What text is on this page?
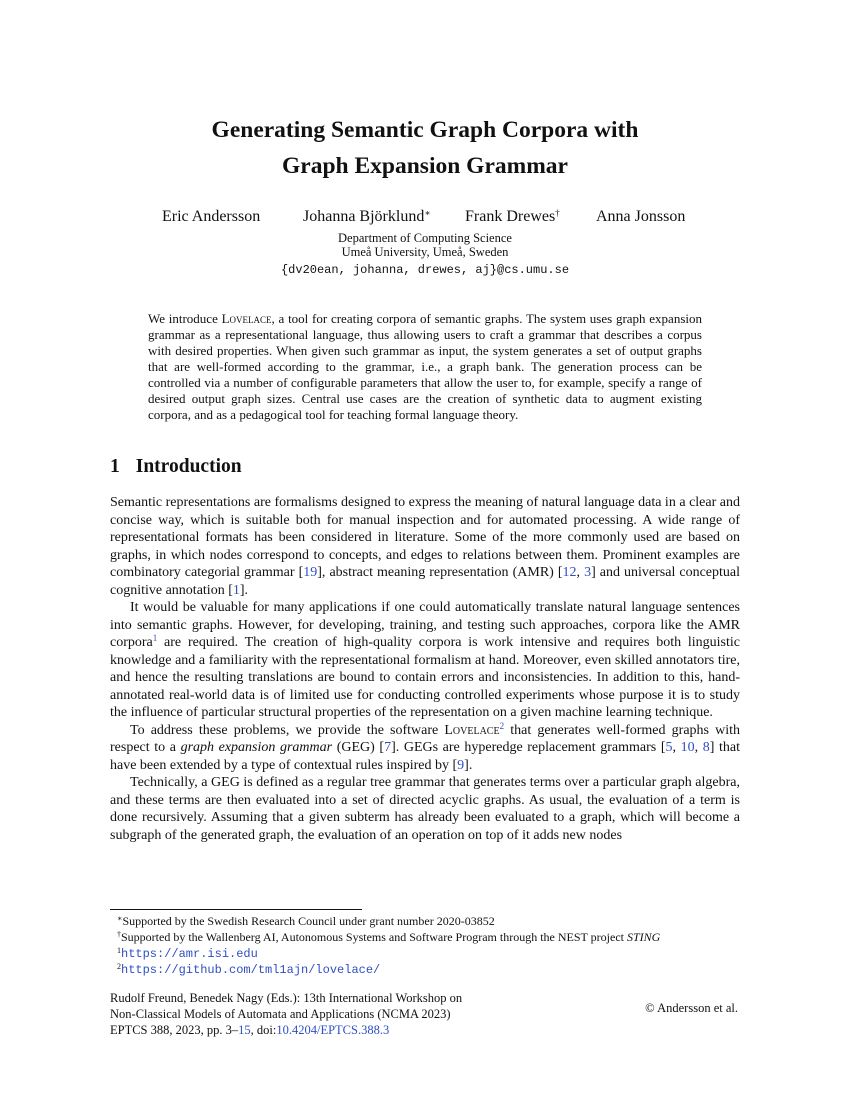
Generating Semantic Graph Corpora with
Graph Expansion Grammar
Eric Andersson	Johanna Björklund∗ Frank Drewes† Anna Jonsson
Department of Computing Science
Umeå University, Umeå, Sweden
{dv20ean, johanna, drewes, aj}@cs.umu.se
We introduce Lovelace, a tool for creating corpora of semantic graphs. The system uses graph expansion grammar as a representational language, thus allowing users to craft a grammar that describes a corpus with desired properties. When given such grammar as input, the system generates a set of output graphs that are well-formed according to the grammar, i.e., a graph bank. The generation process can be controlled via a number of configurable parameters that allow the user to, for example, specify a range of desired output graph sizes. Central use cases are the creation of synthetic data to augment existing corpora, and as a pedagogical tool for teaching formal language theory.
1 Introduction

Semantic representations are formalisms designed to express the meaning of natural language data in a clear and concise way, which is suitable both for manual inspection and for automated processing. A wide range of representational formats has been considered in literature. Some of the more commonly used are based on graphs, in which nodes correspond to concepts, and edges to relations between them. Prominent examples are combinatory categorial grammar [19], abstract meaning representation (AMR) [12, 3] and universal conceptual cognitive annotation [1].

It would be valuable for many applications if one could automatically translate natural language sentences into semantic graphs. However, for developing, training, and testing such approaches, corpora like the AMR corpora$^1$ are required. The creation of high-quality corpora is work intensive and requires both linguistic knowledge and a familiarity with the representational formalism at hand. Moreover, even skilled annotators tire, and hence the resulting translations are bound to contain errors and inconsistencies. In addition to this, hand-annotated real-world data is of limited use for conducting controlled experiments whose purpose it is to study the influence of particular structural properties of the representation on a given machine learning technique.

To address these problems, we provide the software Lovelace$^2$ that generates well-formed graphs with respect to a graph expansion grammar (GEG) [7]. GEGs are hyperedge replacement grammars [5, 10, 8] that have been extended by a type of contextual rules inspired by [9].

Technically, a GEG is defined as a regular tree grammar that generates terms over a particular graph algebra, and these terms are then evaluated into a set of directed acyclic graphs. As usual, the evaluation of a term is done recursively. Assuming that a given subterm has already been evaluated to a graph, which will become a subgraph of the generated graph, the evaluation of an operation on top of it adds new nodes

∗Supported by the Swedish Research Council under grant number 2020-03852
†Supported by the Wallenberg AI, Autonomous Systems and Software Program through the NEST project STING
$^1$https://amr.isi.edu
$^2$https://github.com/tml1ajn/lovelace/
Rudolf Freund, Benedek Nagy (Eds.): 13th International Workshop on
Non-Classical Models of Automata and Applications (NCMA 2023)
EPTCS 388, 2023, pp. 3–15, doi:10.4204/EPTCS.388.3
© Andersson et al.
